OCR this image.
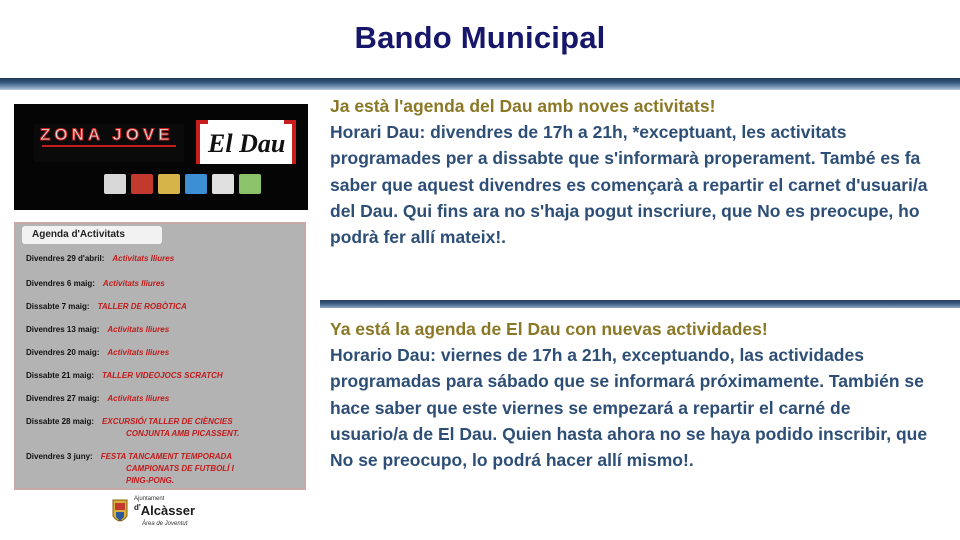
Bando Municipal
ZONA JOVE El Dau
Agenda d'Activitats
Divendres 29 d'abril: Activitats lliures
Divendres 6 maig: Activitats lliures
Dissabte 7 maig: TALLER DE ROBÒTICA
Divendres 13 maig: Activitats lliures
Divendres 20 maig: Activitats lliures
Dissabte 21 maig: TALLER VIDEOJOCS SCRATCH
Divendres 27 maig: Activitats lliures
Dissabte 28 maig: EXCURSIÓ/ TALLER DE CIÈNCIES
CONJUNTA AMB PICASSENT.
Divendres 3 juny: FESTA TANCAMENT TEMPORADA
CAMPIONATS DE FUTBOLÍ I
PING-PONG.
Ajuntament
$^{d'}$Alcàsser
Àrea de Joventut
Ja està l'agenda del Dau amb noves activitats!
Horari Dau: divendres de 17h a 21h, *exceptuant, les activitats programades per a dissabte que s'informarà properament. També es fa saber que aquest divendres es començarà a repartir el carnet d'usuari/a del Dau. Qui fins ara no s'haja pogut inscriure, que No es preocupe, ho podrà fer allí mateix!.
Ya está la agenda de El Dau con nuevas actividades!
Horario Dau: viernes de 17h a 21h, exceptuando, las actividades programadas para sábado que se informará próximamente. También se hace saber que este viernes se empezará a repartir el carné de usuario/a de El Dau. Quien hasta ahora no se haya podido inscribir, que No se preocupo, lo podrá hacer allí mismo!.
